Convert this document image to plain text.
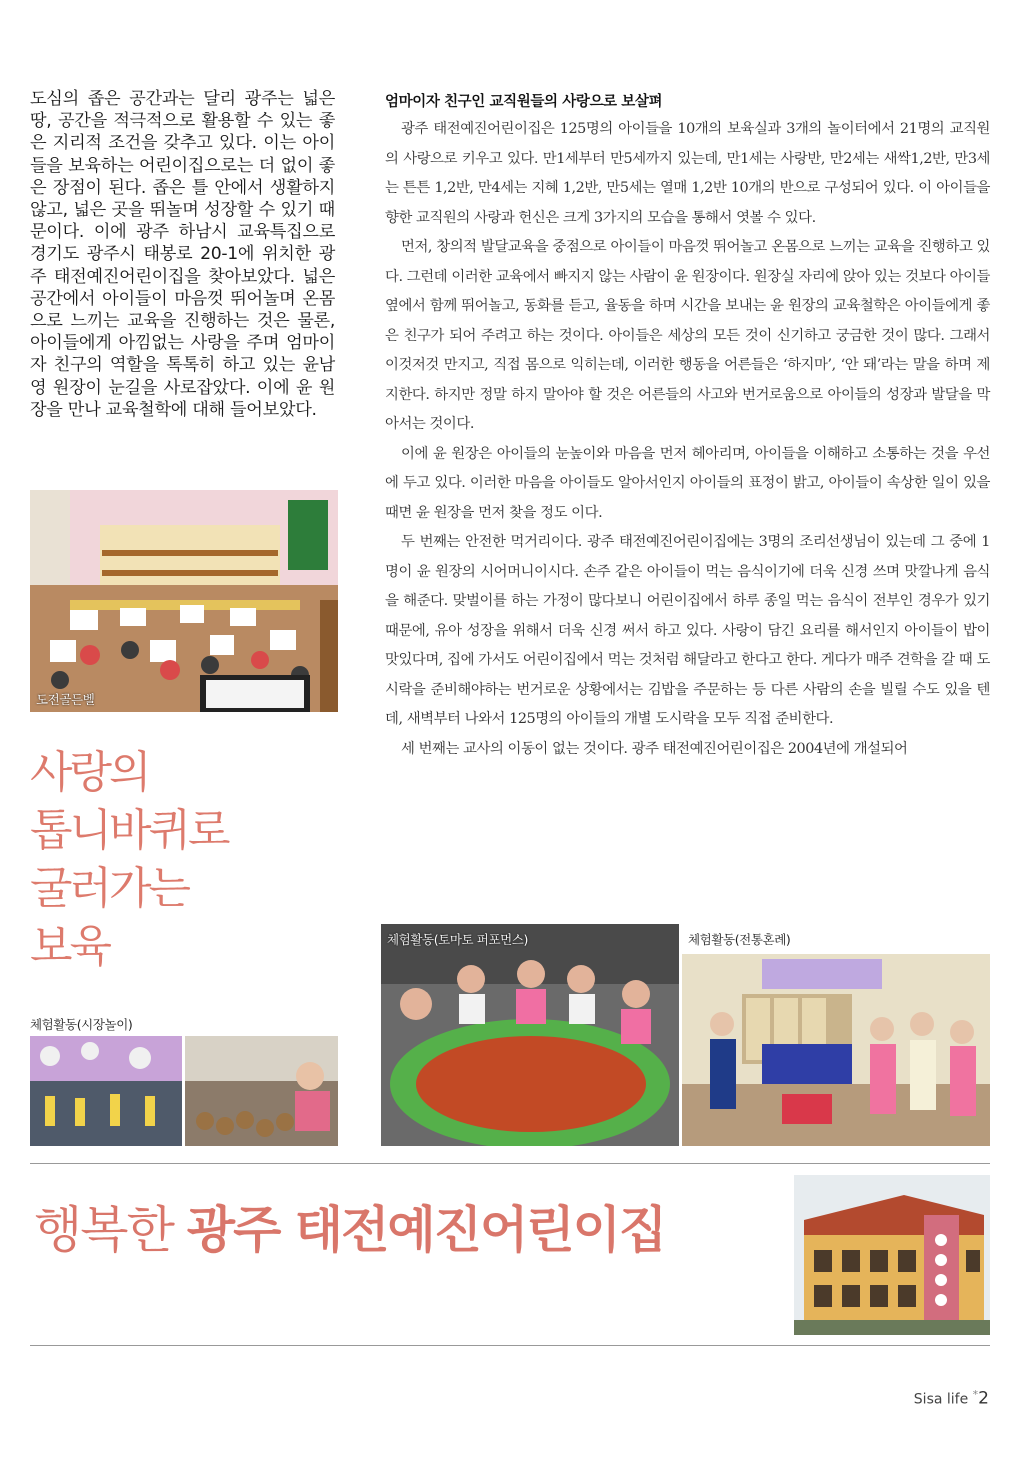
도심의 좁은 공간과는 달리 광주는 넓은 땅, 공간을 적극적으로 활용할 수 있는 좋은 지리적 조건을 갖추고 있다. 이는 아이들을 보육하는 어린이집으로는 더 없이 좋은 장점이 된다. 좁은 틀 안에서 생활하지 않고, 넓은 곳을 뛰놀며 성장할 수 있기 때문이다. 이에 광주 하남시 교육특집으로 경기도 광주시 태봉로 20-1에 위치한 광주 태전예진어린이집을 찾아보았다. 넓은 공간에서 아이들이 마음껏 뛰어놀며 온몸으로 느끼는 교육을 진행하는 것은 물론, 아이들에게 아낌없는 사랑을 주며 엄마이자 친구의 역할을 톡톡히 하고 있는 윤남영 원장이 눈길을 사로잡았다. 이에 윤 원장을 만나 교육철학에 대해 들어보았다.
엄마이자 친구인 교직원들의 사랑으로 보살펴

광주 태전예진어린이집은 125명의 아이들을 10개의 보육실과 3개의 놀이터에서 21명의 교직원의 사랑으로 키우고 있다. 만1세부터 만5세까지 있는데, 만1세는 사랑반, 만2세는 새싹1,2반, 만3세는 튼튼 1,2반, 만4세는 지혜 1,2반, 만5세는 열매 1,2반 10개의 반으로 구성되어 있다. 이 아이들을 향한 교직원의 사랑과 헌신은 크게 3가지의 모습을 통해서 엿볼 수 있다.

먼저, 창의적 발달교육을 중점으로 아이들이 마음껏 뛰어놀고 온몸으로 느끼는 교육을 진행하고 있다. 그런데 이러한 교육에서 빠지지 않는 사람이 윤 원장이다. 원장실 자리에 앉아 있는 것보다 아이들 옆에서 함께 뛰어놀고, 동화를 듣고, 율동을 하며 시간을 보내는 윤 원장의 교육철학은 아이들에게 좋은 친구가 되어 주려고 하는 것이다. 아이들은 세상의 모든 것이 신기하고 궁금한 것이 많다. 그래서 이것저것 만지고, 직접 몸으로 익히는데, 이러한 행동을 어른들은 ‘하지마’, ‘안 돼’라는 말을 하며 제지한다. 하지만 정말 하지 말아야 할 것은 어른들의 사고와 번거로움으로 아이들의 성장과 발달을 막아서는 것이다.

이에 윤 원장은 아이들의 눈높이와 마음을 먼저 헤아리며, 아이들을 이해하고 소통하는 것을 우선에 두고 있다. 이러한 마음을 아이들도 알아서인지 아이들의 표정이 밝고, 아이들이 속상한 일이 있을 때면 윤 원장을 먼저 찾을 정도 이다.

두 번째는 안전한 먹거리이다. 광주 태전예진어린이집에는 3명의 조리선생님이 있는데 그 중에 1명이 윤 원장의 시어머니이시다. 손주 같은 아이들이 먹는 음식이기에 더욱 신경 쓰며 맛깔나게 음식을 해준다. 맞벌이를 하는 가정이 많다보니 어린이집에서 하루 종일 먹는 음식이 전부인 경우가 있기 때문에, 유아 성장을 위해서 더욱 신경 써서 하고 있다. 사랑이 담긴 요리를 해서인지 아이들이 밥이 맛있다며, 집에 가서도 어린이집에서 먹는 것처럼 해달라고 한다고 한다. 게다가 매주 견학을 갈 때 도시락을 준비해야하는 번거로운 상황에서는 김밥을 주문하는 등 다른 사람의 손을 빌릴 수도 있을 텐데, 새벽부터 나와서 125명의 아이들의 개별 도시락을 모두 직접 준비한다.

세 번째는 교사의 이동이 없는 것이다. 광주 태전예진어린이집은 2004년에 개설되어

도전골든벨
사랑의
톱니바퀴로
굴러가는
보육
체험활동(시장놀이)
체험활동(토마토 퍼포먼스)	체험활동(전통혼례)
행복한 광주 태전예진어린이집
Sisa life *2
